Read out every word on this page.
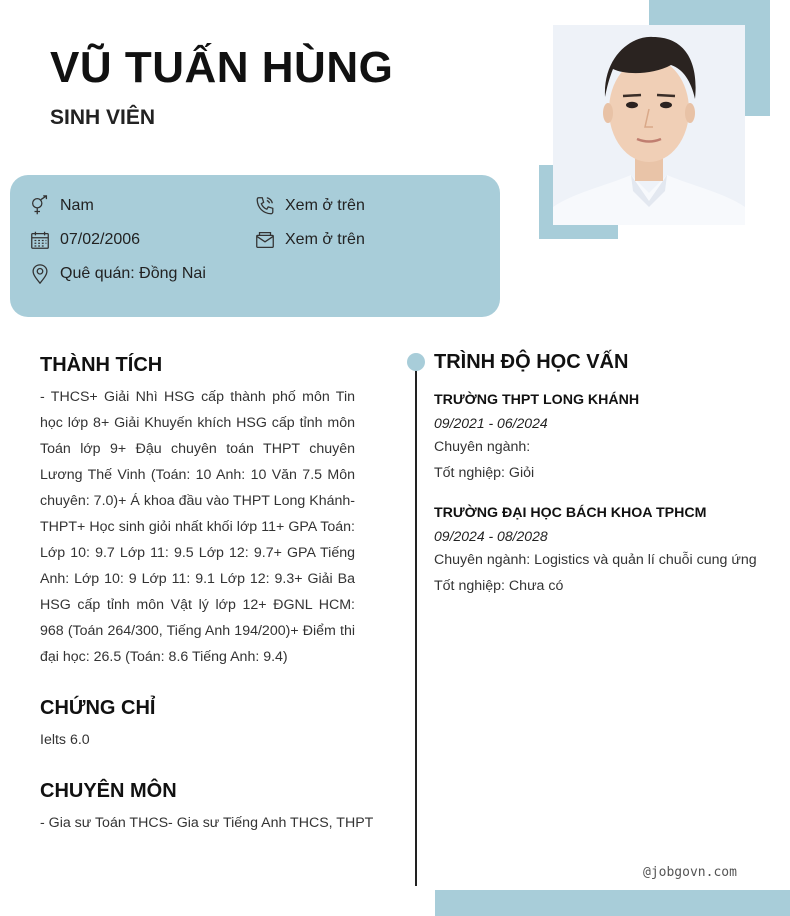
VŨ TUẤN HÙNG
SINH VIÊN
Nam	Xem ở trên
07/02/2006	Xem ở trên
Quê quán: Đồng Nai
THÀNH TÍCH
- THCS+ Giải Nhì HSG cấp thành phố môn Tin học lớp 8+ Giải Khuyến khích HSG cấp tỉnh môn Toán lớp 9+ Đậu chuyên toán THPT chuyên Lương Thế Vinh (Toán: 10 Anh: 10 Văn 7.5 Môn chuyên: 7.0)+ Á khoa đầu vào THPT Long Khánh- THPT+ Học sinh giỏi nhất khối lớp 11+ GPA Toán: Lớp 10: 9.7 Lớp 11: 9.5 Lớp 12: 9.7+ GPA Tiếng Anh: Lớp 10: 9 Lớp 11: 9.1 Lớp 12: 9.3+ Giải Ba HSG cấp tỉnh môn Vật lý lớp 12+ ĐGNL HCM: 968 (Toán 264/300, Tiếng Anh 194/200)+ Điểm thi đại học: 26.5 (Toán: 8.6 Tiếng Anh: 9.4)
CHỨNG CHỈ
Ielts 6.0
CHUYÊN MÔN
- Gia sư Toán THCS- Gia sư Tiếng Anh THCS, THPT
TRÌNH ĐỘ HỌC VẤN
TRƯỜNG THPT LONG KHÁNH
09/2021 - 06/2024
Chuyên ngành:
Tốt nghiệp: Giỏi
TRƯỜNG ĐẠI HỌC BÁCH KHOA TPHCM
09/2024 - 08/2028
Chuyên ngành: Logistics và quản lí chuỗi cung ứng
Tốt nghiệp: Chưa có
@jobgovn.com
